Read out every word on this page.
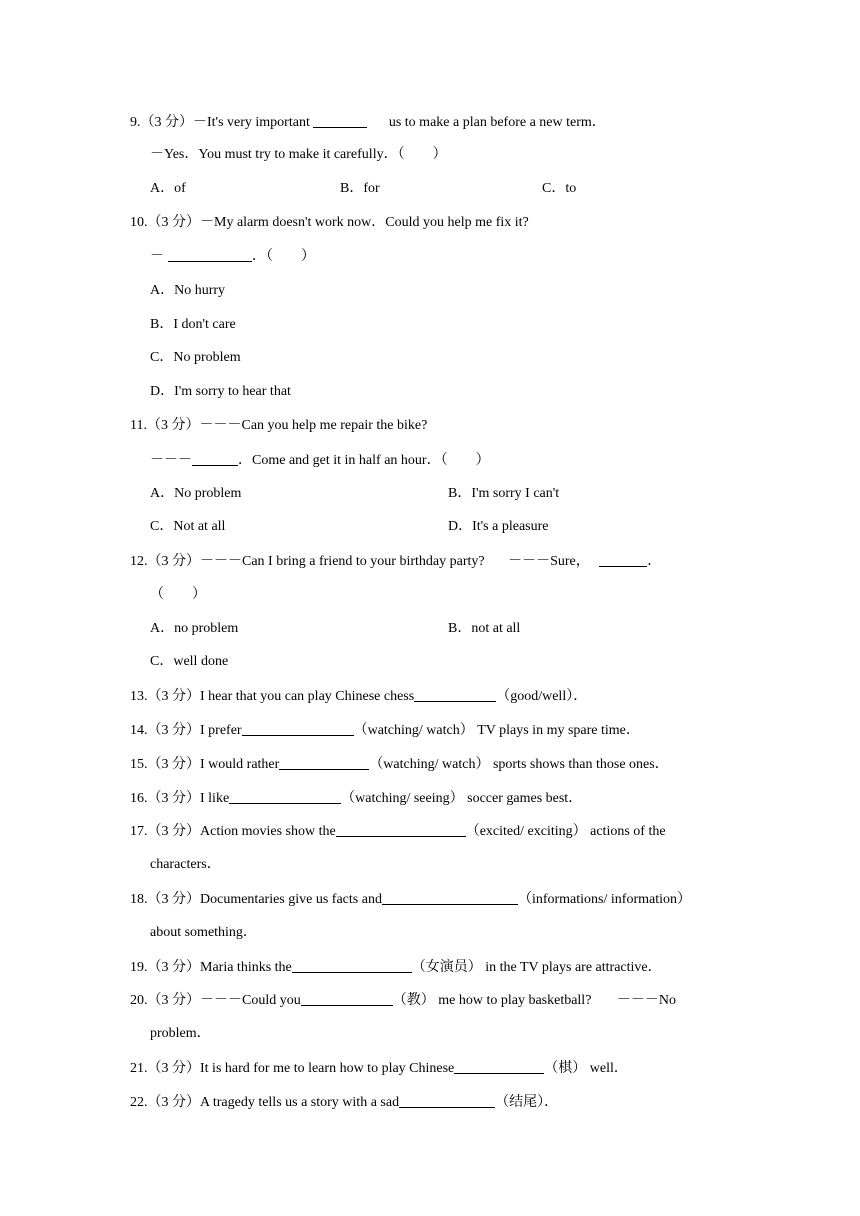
9.（3 分）－It's very important	us to make a plan before a new term．
－Yes．You must try to make it carefully．（　　）
A．of	B．for	C．to
10.（3 分）－My alarm doesn't work now．Could you help me fix it?
－	．（　　）
A．No hurry
B．I don't care
C．No problem
D．I'm sorry to hear that
11.（3 分）－－－Can you help me repair the bike?
－－－	．Come and get it in half an hour．（　　）
A．No problem	B．I'm sorry I can't
C．Not at all	D．It's a pleasure
12.（3 分）－－－Can I bring a friend to your birthday party? －－－Sure，	．
（　　）
A．no problem	B．not at all
C．well done
13.（3 分）I hear that you can play Chinese chess	（good/well）．
14.（3 分）I prefer	（watching/ watch） TV plays in my spare time．
15.（3 分）I would rather	（watching/ watch） sports shows than those ones．
16.（3 分）I like	（watching/ seeing） soccer games best．
17.（3 分）Action movies show the	（excited/ exciting） actions of the
characters．
18.（3 分）Documentaries give us facts and	（informations/ information）
about something．
19.（3 分）Maria thinks the	（女演员） in the TV plays are attractive．
20.（3 分）－－－Could you	（教） me how to play basketball? －－－No
problem．
21.（3 分）It is hard for me to learn how to play Chinese	（棋） well．
22.（3 分）A tragedy tells us a story with a sad	（结尾）．
